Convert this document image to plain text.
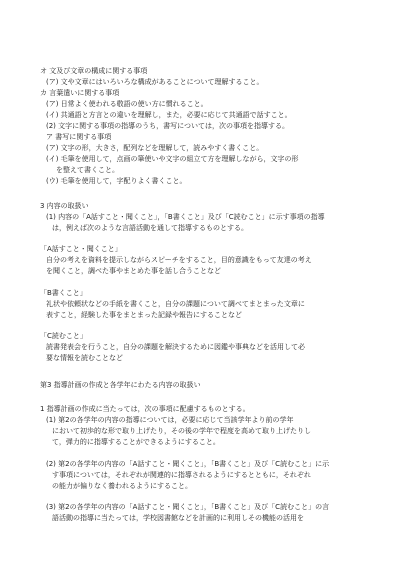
オ 文及び文章の構成に関する事項
(ア) 文や文章にはいろいろな構成があることについて理解すること。
カ 言葉遣いに関する事項
(ア) 日常よく使われる敬語の使い方に慣れること。
(イ) 共通語と方言との違いを理解し，また，必要に応じて共通語で話すこと。
(2) 文字に関する事項の指導のうち，書写については，次の事項を指導する。
ア 書写に関する事項
(ア) 文字の形，大きさ，配列などを理解して，読みやすく書くこと。
(イ) 毛筆を使用して，点画の筆使いや文字の組立て方を理解しながら，文字の形
を整えて書くこと。
(ウ) 毛筆を使用して，字配りよく書くこと。
3 内容の取扱い
(1) 内容の「A話すこと・聞くこと」，「B書くこと」及び「C読むこと」に示す事項の指導
は，例えば次のような言語活動を通して指導するものとする。
「A話すこと・聞くこと」
自分の考えを資料を提示しながらスピーチをすること，目的意識をもって友達の考え
を聞くこと，調べた事やまとめた事を話し合うことなど
「B書くこと」
礼状や依頼状などの手紙を書くこと，自分の課題について調べてまとまった文章に
表すこと，経験した事をまとまった記録や報告にすることなど
「C読むこと」
読書発表会を行うこと，自分の課題を解決するために図鑑や事典などを活用して必
要な情報を読むことなど
第3 指導計画の作成と各学年にわたる内容の取扱い
1 指導計画の作成に当たっては，次の事項に配慮するものとする。
(1) 第2の各学年の内容の指導については，必要に応じて当該学年より前の学年
において初歩的な形で取り上げたり，その後の学年で程度を高めて取り上げたりし
て，弾力的に指導することができるようにすること。
(2) 第2の各学年の内容の「A話すこと・聞くこと」，「B書くこと」及び「C読むこと」に示
す事項については，それぞれが関連的に指導されるようにするとともに，それぞれ
の能力が偏りなく養われるようにすること。
(3) 第2の各学年の内容の「A話すこと・聞くこと」，「B書くこと」及び「C読むこと」の言
語活動の指導に当たっては，学校図書館などを計画的に利用しその機能の活用を
